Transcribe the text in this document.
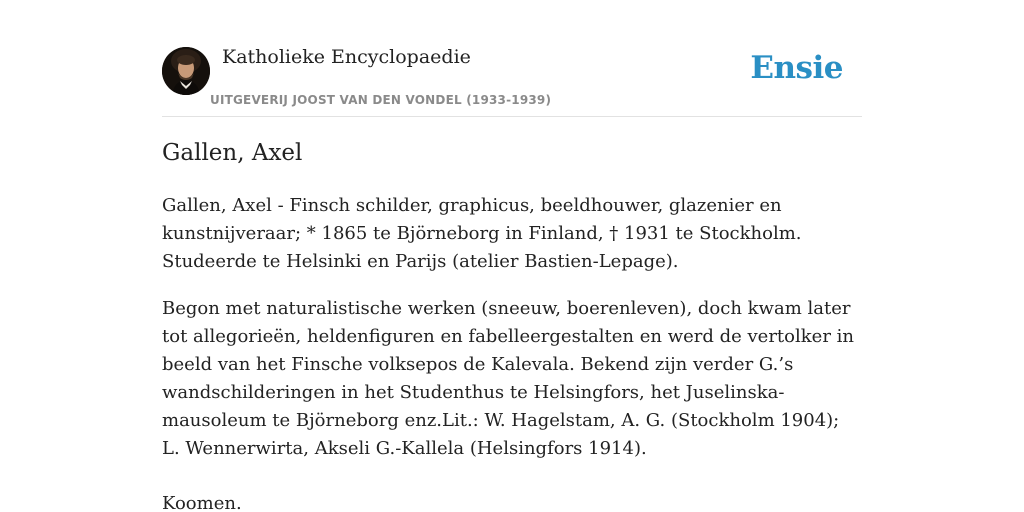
Katholieke Encyclopaedie
UITGEVERIJ JOOST VAN DEN VONDEL (1933-1939)
Ensie
Gallen, Axel

Gallen, Axel - Finsch schilder, graphicus, beeldhouwer, glazenier en kunstnijveraar; * 1865 te Björneborg in Finland, † 1931 te Stockholm. Studeerde te Helsinki en Parijs (atelier Bastien-Lepage).

Begon met naturalistische werken (sneeuw, boerenleven), doch kwam later tot allegorieën, heldenfiguren en fabelleergestalten en werd de vertolker in beeld van het Finsche volksepos de Kalevala. Bekend zijn verder G.’s wandschilderingen in het Studenthus te Helsingfors, het Juselinska-mausoleum te Björneborg enz.Lit.: W. Hagelstam, A. G. (Stockholm 1904); L. Wennerwirta, Akseli G.-Kallela (Helsingfors 1914).

Koomen.
